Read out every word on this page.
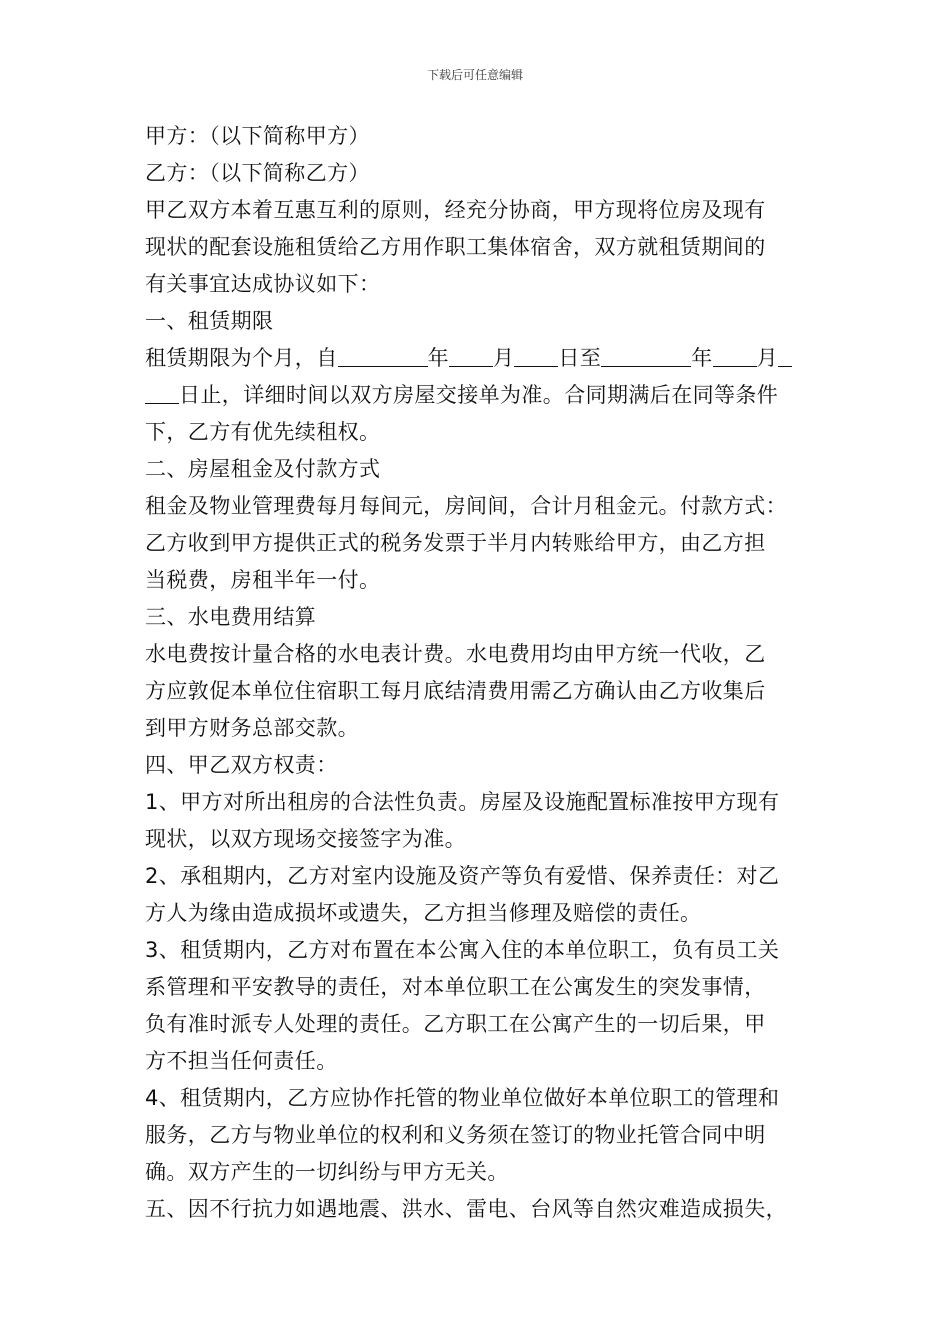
下载后可任意编辑
甲方：（以下简称甲方）
乙方：（以下简称乙方）
甲乙双方本着互惠互利的原则，经充分协商，甲方现将位房及现有
现状的配套设施租赁给乙方用作职工集体宿舍，双方就租赁期间的
有关事宜达成协议如下：
一、租赁期限
租赁期限为个月，自	年 月 日至	年 月
日止，详细时间以双方房屋交接单为准。合同期满后在同等条件
下，乙方有优先续租权。
二、房屋租金及付款方式
租金及物业管理费每月每间元，房间间，合计月租金元。付款方式：
乙方收到甲方提供正式的税务发票于半月内转账给甲方，由乙方担
当税费，房租半年一付。
三、水电费用结算
水电费按计量合格的水电表计费。水电费用均由甲方统一代收，乙
方应敦促本单位住宿职工每月底结清费用需乙方确认由乙方收集后
到甲方财务总部交款。
四、甲乙双方权责：
1、甲方对所出租房的合法性负责。房屋及设施配置标准按甲方现有
现状，以双方现场交接签字为准。
2、承租期内，乙方对室内设施及资产等负有爱惜、保养责任：对乙
方人为缘由造成损坏或遗失，乙方担当修理及赔偿的责任。
3、租赁期内，乙方对布置在本公寓入住的本单位职工，负有员工关
系管理和平安教导的责任，对本单位职工在公寓发生的突发事情，
负有准时派专人处理的责任。乙方职工在公寓产生的一切后果，甲
方不担当任何责任。
4、租赁期内，乙方应协作托管的物业单位做好本单位职工的管理和
服务，乙方与物业单位的权利和义务须在签订的物业托管合同中明
确。双方产生的一切纠纷与甲方无关。
五、因不行抗力如遇地震、洪水、雷电、台风等自然灾难造成损失，
